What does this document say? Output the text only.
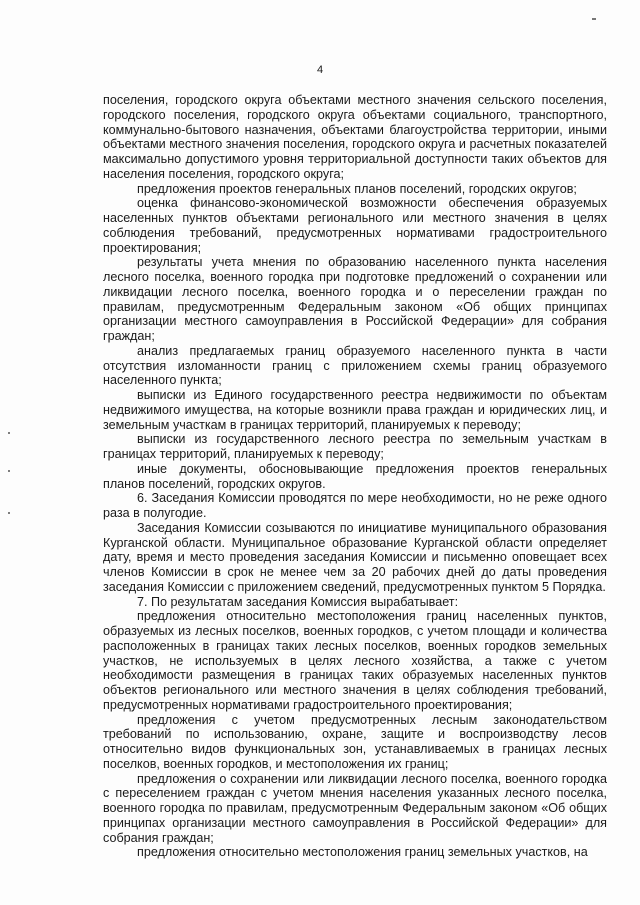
4

поселения, городского округа объектами местного значения сельского поселения, городского поселения, городского округа объектами социального, транспортного, коммунально-бытового назначения, объектами благоустройства территории, иными объектами местного значения поселения, городского округа и расчетных показателей максимально допустимого уровня территориальной доступности таких объектов для населения поселения, городского округа;

предложения проектов генеральных планов поселений, городских округов;

оценка финансово-экономической возможности обеспечения образуемых населенных пунктов объектами регионального или местного значения в целях соблюдения требований, предусмотренных нормативами градостроительного проектирования;

результаты учета мнения по образованию населенного пункта населения лесного поселка, военного городка при подготовке предложений о сохранении или ликвидации лесного поселка, военного городка и о переселении граждан по правилам, предусмотренным Федеральным законом «Об общих принципах организации местного самоуправления в Российской Федерации» для собрания граждан;

анализ предлагаемых границ образуемого населенного пункта в части отсутствия изломанности границ с приложением схемы границ образуемого населенного пункта;

выписки из Единого государственного реестра недвижимости по объектам недвижимого имущества, на которые возникли права граждан и юридических лиц, и земельным участкам в границах территорий, планируемых к переводу;

выписки из государственного лесного реестра по земельным участкам в границах территорий, планируемых к переводу;

иные документы, обосновывающие предложения проектов генеральных планов поселений, городских округов.

6. Заседания Комиссии проводятся по мере необходимости, но не реже одного раза в полугодие.

Заседания Комиссии созываются по инициативе муниципального образования Курганской области. Муниципальное образование Курганской области определяет дату, время и место проведения заседания Комиссии и письменно оповещает всех членов Комиссии в срок не менее чем за 20 рабочих дней до даты проведения заседания Комиссии с приложением сведений, предусмотренных пунктом 5 Порядка.

7. По результатам заседания Комиссия вырабатывает:

предложения относительно местоположения границ населенных пунктов, образуемых из лесных поселков, военных городков, с учетом площади и количества расположенных в границах таких лесных поселков, военных городков земельных участков, не используемых в целях лесного хозяйства, а также с учетом необходимости размещения в границах таких образуемых населенных пунктов объектов регионального или местного значения в целях соблюдения требований, предусмотренных нормативами градостроительного проектирования;

предложения с учетом предусмотренных лесным законодательством требований по использованию, охране, защите и воспроизводству лесов относительно видов функциональных зон, устанавливаемых в границах лесных поселков, военных городков, и местоположения их границ;

предложения о сохранении или ликвидации лесного поселка, военного городка с переселением граждан с учетом мнения населения указанных лесного поселка, военного городка по правилам, предусмотренным Федеральным законом «Об общих принципах организации местного самоуправления в Российской Федерации» для собрания граждан;

предложения относительно местоположения границ земельных участков, на
